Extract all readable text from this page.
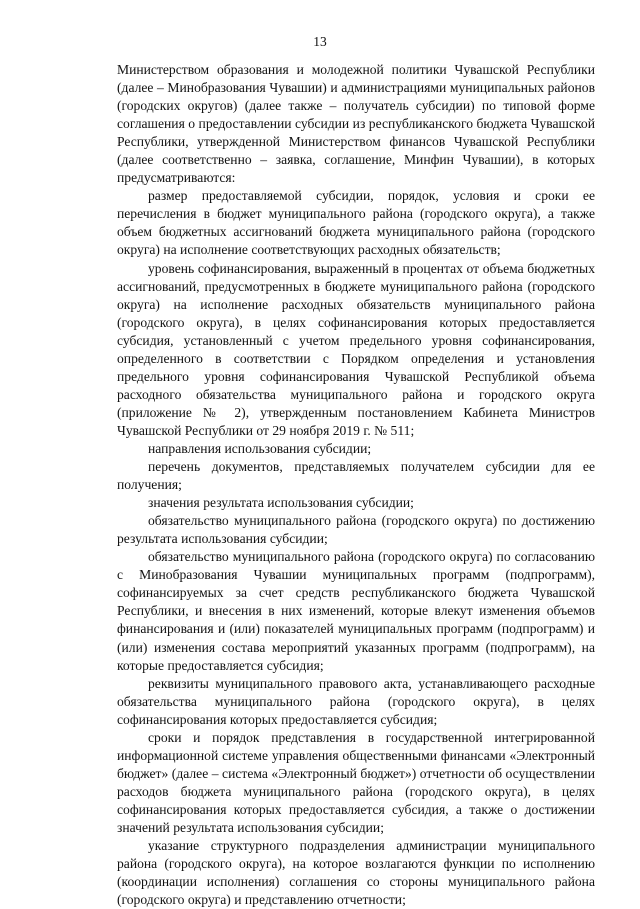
13

Министерством образования и молодежной политики Чувашской Республики (далее – Минобразования Чувашии) и администрациями муниципальных районов (городских округов) (далее также – получатель субсидии) по типовой форме соглашения о предоставлении субсидии из республиканского бюджета Чувашской Республики, утвержденной Министерством финансов Чувашской Республики (далее соответственно – заявка, соглашение, Минфин Чувашии), в которых предусматриваются:

размер предоставляемой субсидии, порядок, условия и сроки ее перечисления в бюджет муниципального района (городского округа), а также объем бюджетных ассигнований бюджета муниципального района (городского округа) на исполнение соответствующих расходных обязательств;

уровень софинансирования, выраженный в процентах от объема бюджетных ассигнований, предусмотренных в бюджете муниципального района (городского округа) на исполнение расходных обязательств муниципального района (городского округа), в целях софинансирования которых предоставляется субсидия, установленный с учетом предельного уровня софинансирования, определенного в соответствии с Порядком определения и установления предельного уровня софинансирования Чувашской Республикой объема расходного обязательства муниципального района и городского округа (приложение № 2), утвержденным постановлением Кабинета Министров Чувашской Республики от 29 ноября 2019 г. № 511;

направления использования субсидии;

перечень документов, представляемых получателем субсидии для ее получения;

значения результата использования субсидии;

обязательство муниципального района (городского округа) по достижению результата использования субсидии;

обязательство муниципального района (городского округа) по согласованию с Минобразования Чувашии муниципальных программ (подпрограмм), софинансируемых за счет средств республиканского бюджета Чувашской Республики, и внесения в них изменений, которые влекут изменения объемов финансирования и (или) показателей муниципальных программ (подпрограмм) и (или) изменения состава мероприятий указанных программ (подпрограмм), на которые предоставляется субсидия;

реквизиты муниципального правового акта, устанавливающего расходные обязательства муниципального района (городского округа), в целях софинансирования которых предоставляется субсидия;

сроки и порядок представления в государственной интегрированной информационной системе управления общественными финансами «Электронный бюджет» (далее – система «Электронный бюджет») отчетности об осуществлении расходов бюджета муниципального района (городского округа), в целях софинансирования которых предоставляется субсидия, а также о достижении значений результата использования субсидии;

указание структурного подразделения администрации муниципального района (городского округа), на которое возлагаются функции по исполнению (координации исполнения) соглашения со стороны муниципального района (городского округа) и представлению отчетности;
